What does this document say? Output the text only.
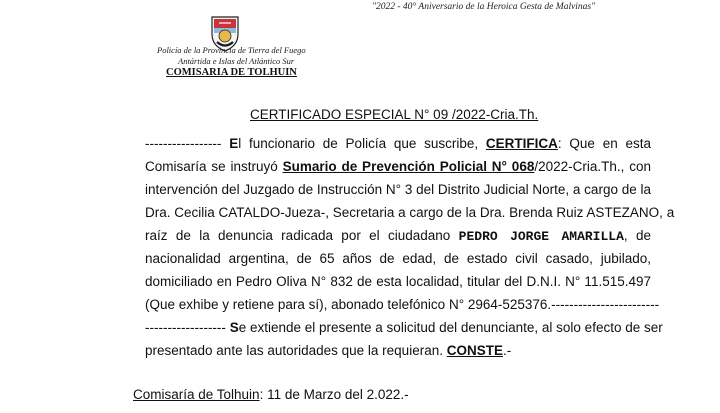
"2022 - 40° Aniversario de la Heroica Gesta de Malvinas"
Policía de la Provincia de Tierra del Fuego
Antártida e Islas del Atlántico Sur
COMISARIA DE TOLHUIN
CERTIFICADO ESPECIAL N° 09 /2022-Cria.Th.
----------------- El funcionario de Policía que suscribe, CERTIFICA: Que en esta
Comisaría se instruyó Sumario de Prevención Policial N° 068/2022-Cria.Th., con
intervención del Juzgado de Instrucción N° 3 del Distrito Judicial Norte, a cargo de la
Dra. Cecilia CATALDO-Jueza-, Secretaria a cargo de la Dra. Brenda Ruiz ASTEZANO, a
raíz de la denuncia radicada por el ciudadano PEDRO JORGE AMARILLA, de
nacionalidad argentina, de 65 años de edad, de estado civil casado, jubilado,
domiciliado en Pedro Oliva N° 832 de esta localidad, titular del D.N.I. N° 11.515.497
(Que exhibe y retiene para sí), abonado telefónico N° 2964-525376.------------------------
------------------ Se extiende el presente a solicitud del denunciante, al solo efecto de ser
presentado ante las autoridades que la requieran. CONSTE.-
Comisaría de Tolhuin: 11 de Marzo del 2.022.-
